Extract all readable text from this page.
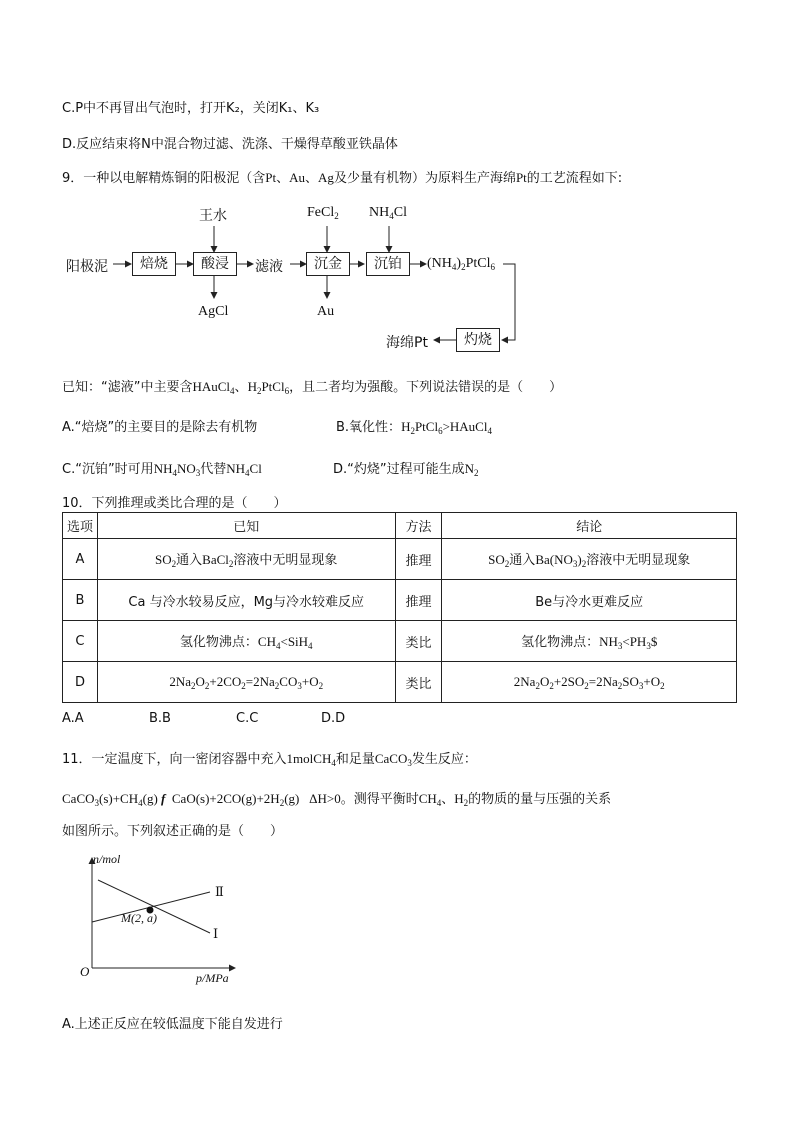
C.P中不再冒出气泡时，打开K₂，关闭K₁、K₃
D.反应结束将N中混合物过滤、洗涤、干燥得草酸亚铁晶体
9．一种以电解精炼铜的阳极泥（含Pt、Au、Ag及少量有机物）为原料生产海绵Pt的工艺流程如下:
阳极泥	焙烧
王水
酸浸
AgCl
滤液
FeCl$_2$
沉金
Au
$NH_4Cl$
沉铂	$(NH_4)_2PtCl_6$
灼烧
海绵Pt
已知：“滤液”中主要含HAuCl$_4$、$H_2PtCl_6$，且二者均为强酸。下列说法错误的是（　　）
A.“焙烧”的主要目的是除去有机物	B.氧化性：$H_2PtCl_6>HAuCl_4$
C.“沉铂”时可用$NH_4NO_3$代替$NH_4Cl$	D.“灼烧”过程可能生成$N_2$
10．下列推理或类比合理的是（　　）
选项	已知	方法	结论
A	$SO_2$通入BaCl$_2$溶液中无明显现象	推理	$SO_2$通入$Ba(NO_3)_2$溶液中无明显现象
B	Ca 与冷水较易反应，Mg与冷水较难反应	推理	Be与冷水更难反应
C	氢化物沸点：$CH_4<SiH_4$	类比	氢化物沸点：$NH_3<PH_3\$$
D	$2Na_2O_2+2CO_2=2Na_2CO_3+O_2$	类比	$2Na_2O_2+2SO_2=2Na_2SO_3+O_2$
A.A	B.B	C.C	D.D
11．一定温度下，向一密闭容器中充入1molCH$_4$和足量CaCO$_3$发生反应：
$CaCO_3(s)+CH_4(g)$ f  $CaO(s)+2CO(g)+2H_2(g)$   ΔH>0。测得平衡时$CH_4$、$H_2$的物质的量与压强的关系
如图所示。下列叙述正确的是（　　）
n/mol
p/MPa
O
M(2, a)
Ⅰ
Ⅱ
A.上述正反应在较低温度下能自发进行
